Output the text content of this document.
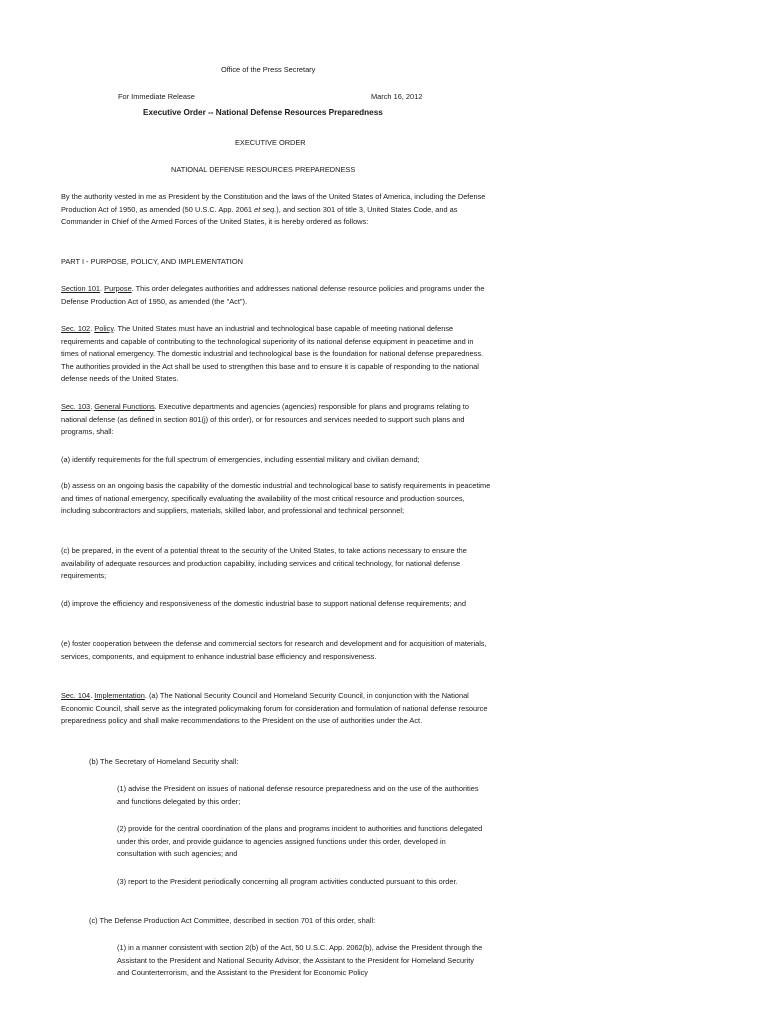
Office of the Press Secretary
For Immediate Release	March 16, 2012
Executive Order -- National Defense Resources Preparedness
EXECUTIVE ORDER
NATIONAL DEFENSE RESOURCES PREPAREDNESS

By the authority vested in me as President by the Constitution and the laws of the United States of America, including the Defense Production Act of 1950, as amended (50 U.S.C. App. 2061 et seq.), and section 301 of title 3, United States Code, and as Commander in Chief of the Armed Forces of the United States, it is hereby ordered as follows:

PART I - PURPOSE, POLICY, AND IMPLEMENTATION

Section 101. Purpose. This order delegates authorities and addresses national defense resource policies and programs under the Defense Production Act of 1950, as amended (the "Act").

Sec. 102. Policy. The United States must have an industrial and technological base capable of meeting national defense requirements and capable of contributing to the technological superiority of its national defense equipment in peacetime and in times of national emergency. The domestic industrial and technological base is the foundation for national defense preparedness. The authorities provided in the Act shall be used to strengthen this base and to ensure it is capable of responding to the national defense needs of the United States.

Sec. 103. General Functions. Executive departments and agencies (agencies) responsible for plans and programs relating to national defense (as defined in section 801(j) of this order), or for resources and services needed to support such plans and programs, shall:

(a) identify requirements for the full spectrum of emergencies, including essential military and civilian demand;

(b) assess on an ongoing basis the capability of the domestic industrial and technological base to satisfy requirements in peacetime and times of national emergency, specifically evaluating the availability of the most critical resource and production sources, including subcontractors and suppliers, materials, skilled labor, and professional and technical personnel;

(c) be prepared, in the event of a potential threat to the security of the United States, to take actions necessary to ensure the availability of adequate resources and production capability, including services and critical technology, for national defense requirements;

(d) improve the efficiency and responsiveness of the domestic industrial base to support national defense requirements; and

(e) foster cooperation between the defense and commercial sectors for research and development and for acquisition of materials, services, components, and equipment to enhance industrial base efficiency and responsiveness.

Sec. 104. Implementation. (a) The National Security Council and Homeland Security Council, in conjunction with the National Economic Council, shall serve as the integrated policymaking forum for consideration and formulation of national defense resource preparedness policy and shall make recommendations to the President on the use of authorities under the Act.

(b) The Secretary of Homeland Security shall:

(1) advise the President on issues of national defense resource preparedness and on the use of the authorities and functions delegated by this order;

(2) provide for the central coordination of the plans and programs incident to authorities and functions delegated under this order, and provide guidance to agencies assigned functions under this order, developed in consultation with such agencies; and

(3) report to the President periodically concerning all program activities conducted pursuant to this order.

(c) The Defense Production Act Committee, described in section 701 of this order, shall:

(1) in a manner consistent with section 2(b) of the Act, 50 U.S.C. App. 2062(b), advise the President through the Assistant to the President and National Security Advisor, the Assistant to the President for Homeland Security and Counterterrorism, and the Assistant to the President for Economic Policy
